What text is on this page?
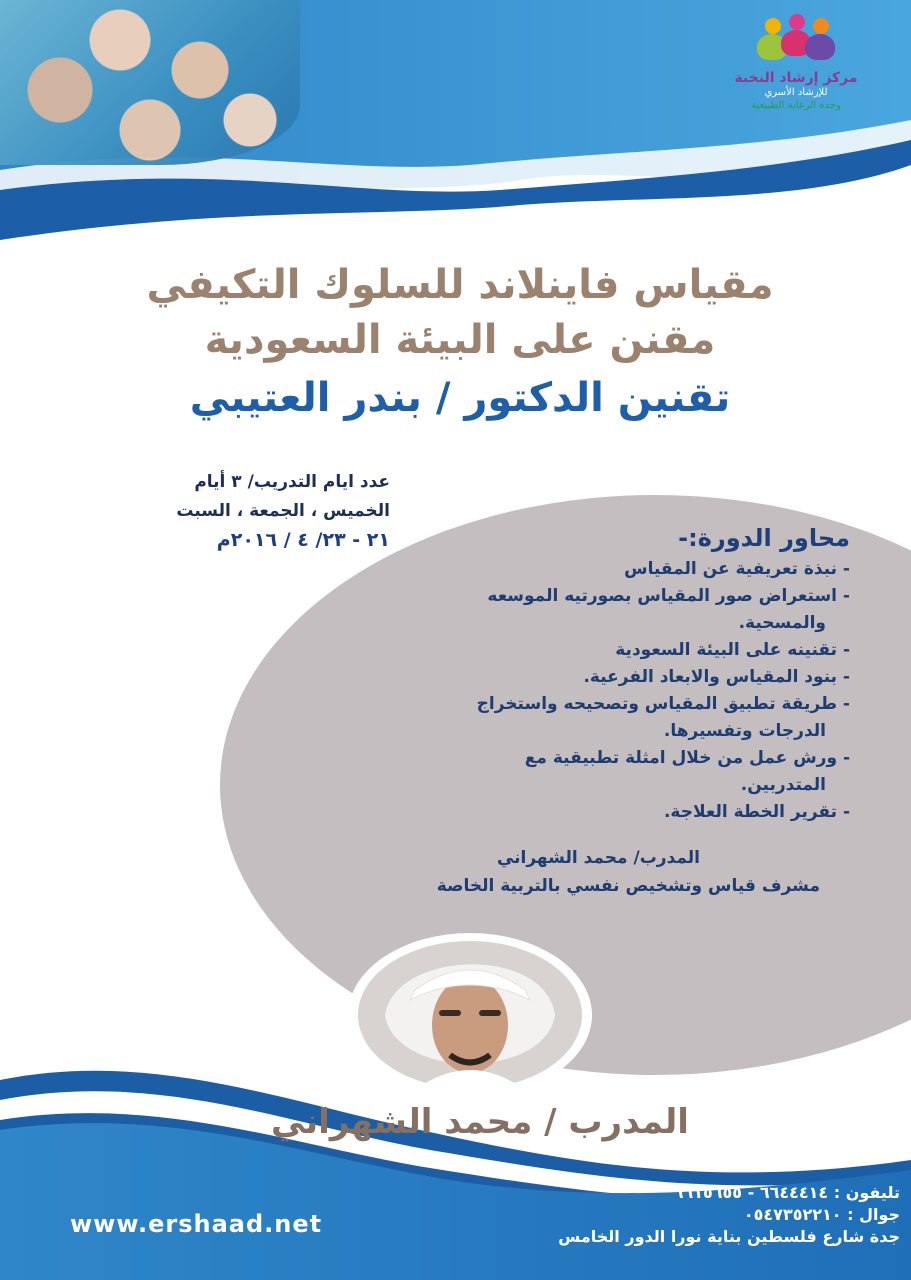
مركز إرشاد النخبة
للإرشاد الأسري
وحدة الرعاية الطبيعية
مقياس فاينلاند للسلوك التكيفي
مقنن على البيئة السعودية
تقنين الدكتور / بندر العتيبي
عدد ايام التدريب/ ٣ أيام
الخميس ، الجمعة ، السبت
٢١ - ٢٣/ ٤ / ٢٠١٦م	محاور الدورة:-
- نبذة تعريفية عن المقياس
- استعراض صور المقياس بصورتيه الموسعه
والمسحية.
- تقنينه على البيئة السعودية
- بنود المقياس والابعاد الفرعية.
- طريقة تطبيق المقياس وتصحيحه واستخراج
الدرجات وتفسيرها.
- ورش عمل من خلال امثلة تطبيقية مع
المتدربين.
- تقرير الخطة العلاجة.
المدرب/ محمد الشهراني
مشرف قياس وتشخيص نفسي بالتربية الخاصة
المدرب / محمد الشهراني
تليفون : ٦٦٤٤٤١٤ - ٦٦١٥٦٥٥
جوال : ٠٥٤٧٣٥٢٢١٠
جدة شارع فلسطين بناية نورا الدور الخامس
www.ershaad.net
